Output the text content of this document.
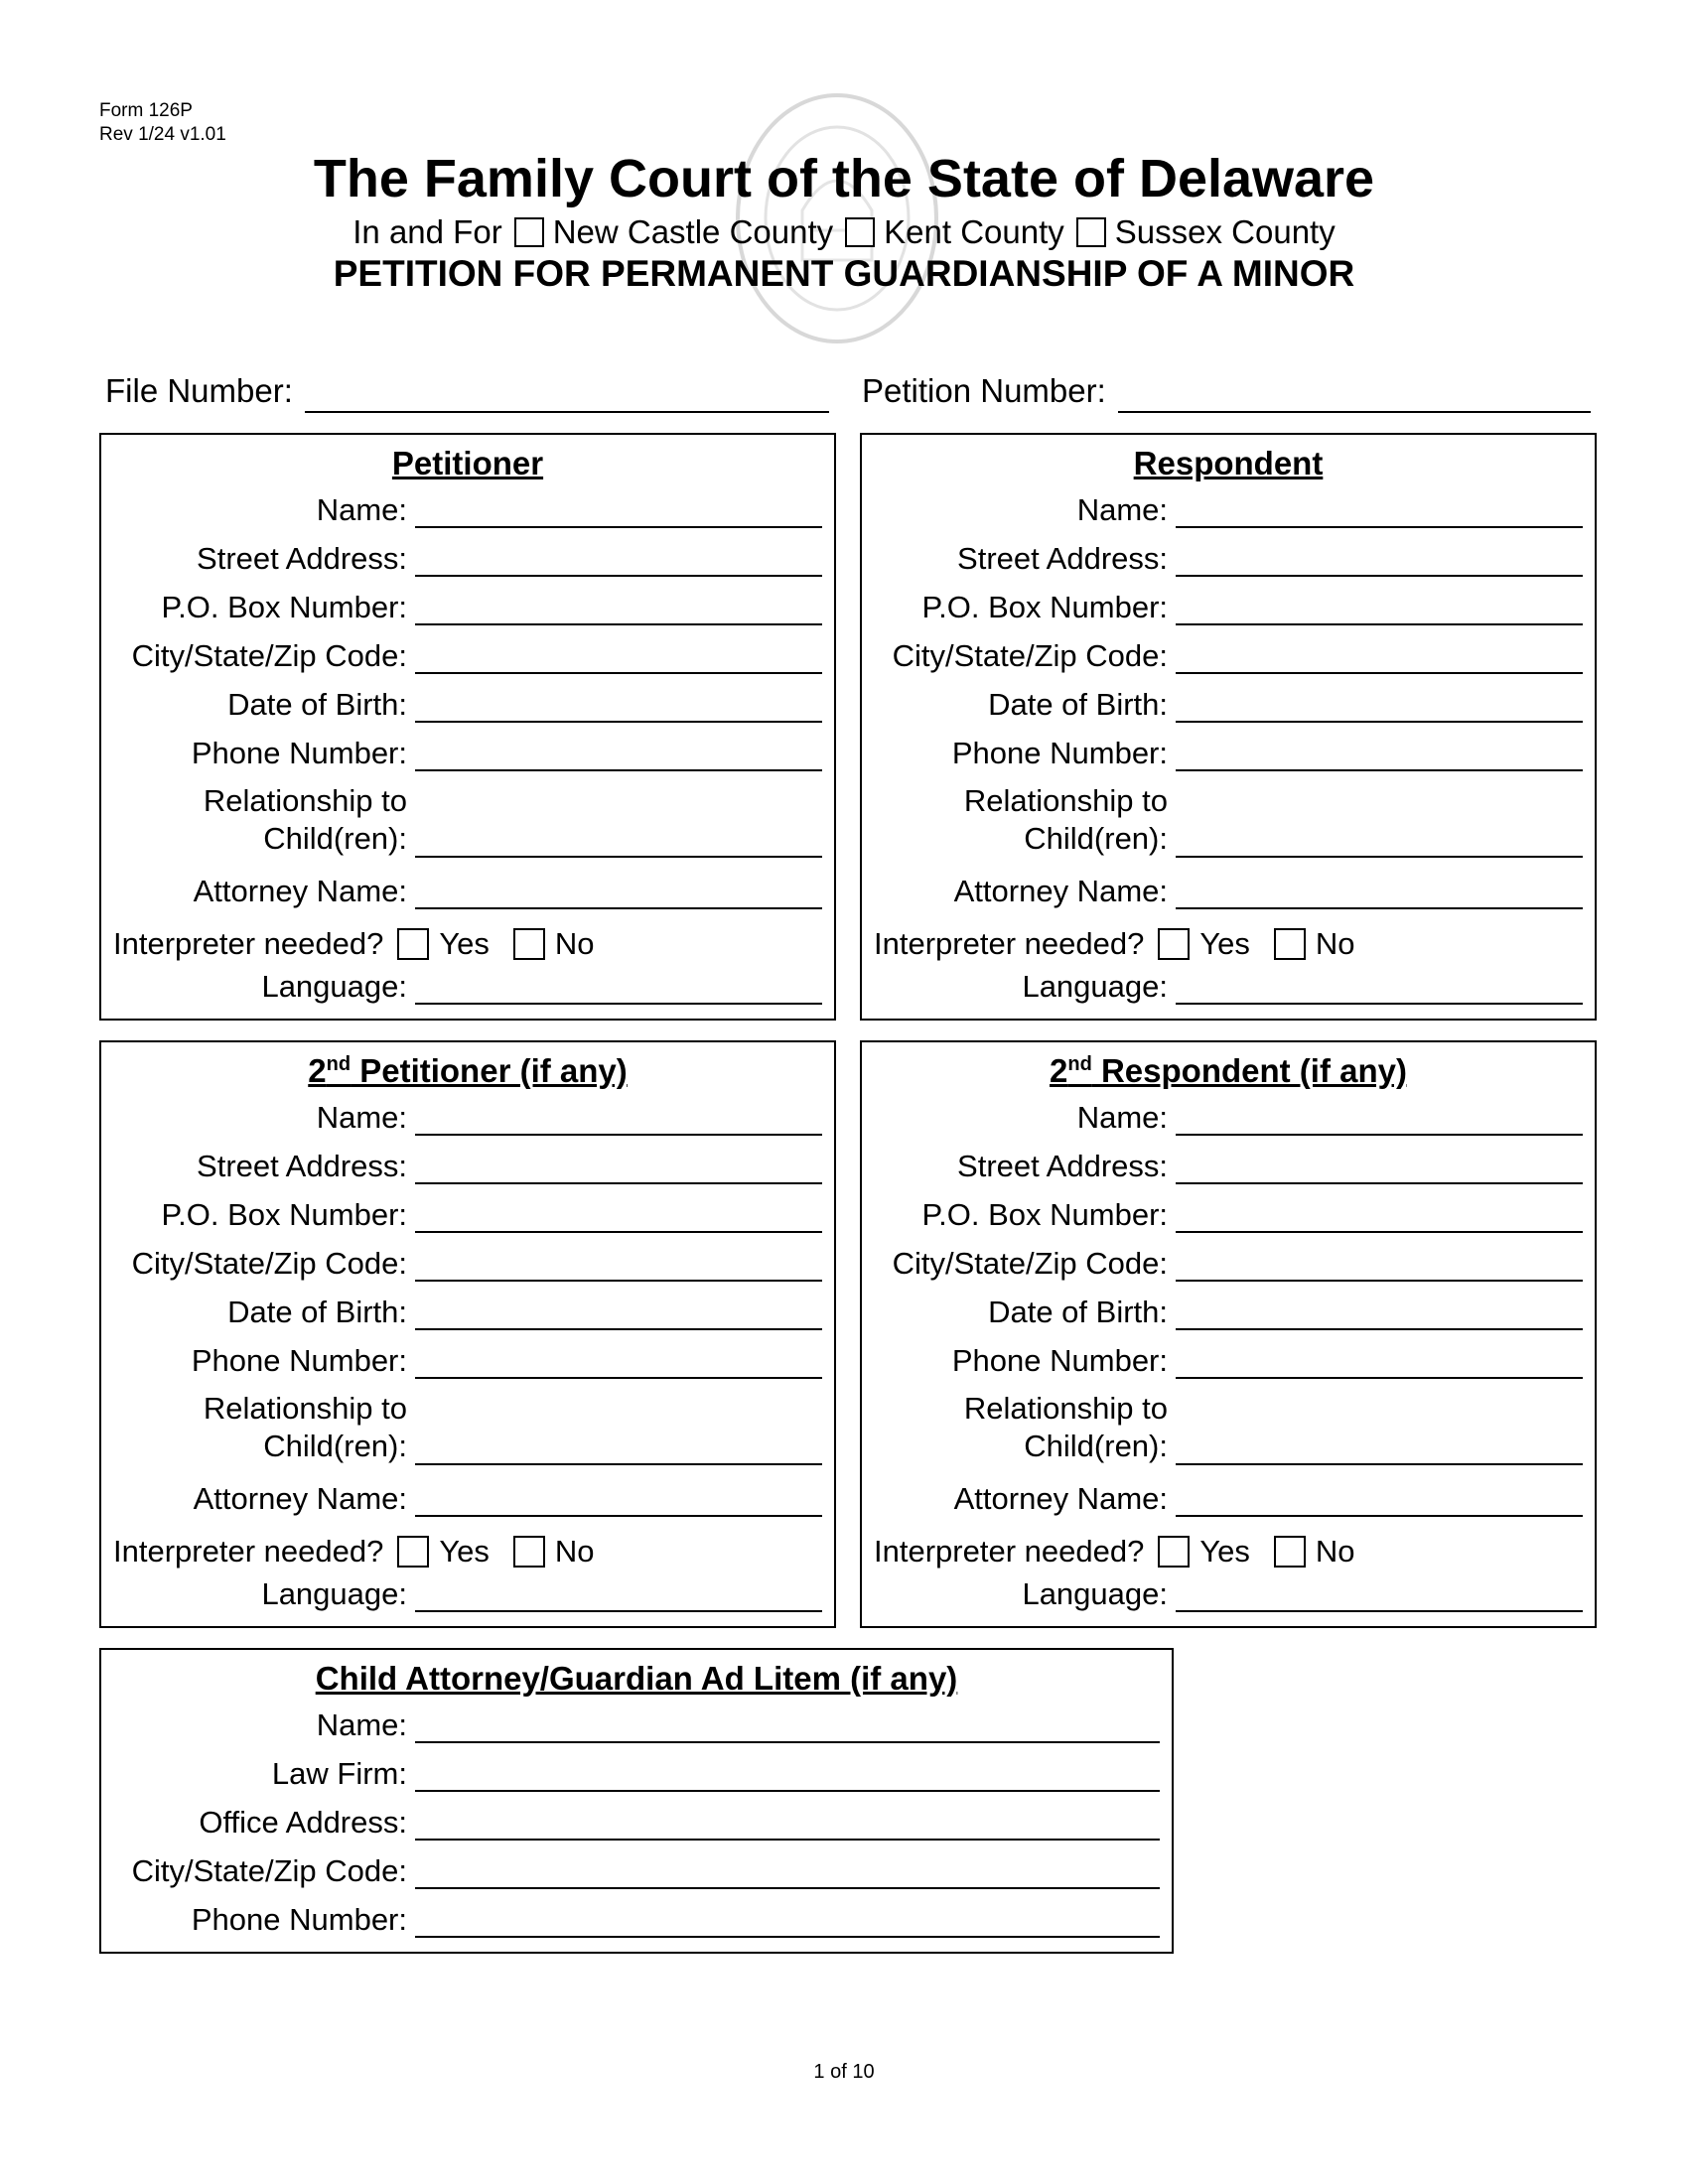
Form 126P
Rev 1/24 v1.01
The Family Court of the State of Delaware
In and For New Castle County Kent County Sussex County
PETITION FOR PERMANENT GUARDIANSHIP OF A MINOR
File Number:	Petition Number:
Petitioner
Name:
Street Address:
P.O. Box Number:
City/State/Zip Code:
Date of Birth:
Phone Number:
Relationship to
Child(ren):
Attorney Name:
Interpreter needed? Yes No
Language:
Respondent
Name:
Street Address:
P.O. Box Number:
City/State/Zip Code:
Date of Birth:
Phone Number:
Relationship to
Child(ren):
Attorney Name:
Interpreter needed? Yes No
Language:
2nd Petitioner (if any)
Name:
Street Address:
P.O. Box Number:
City/State/Zip Code:
Date of Birth:
Phone Number:
Relationship to
Child(ren):
Attorney Name:
Interpreter needed? Yes No
Language:
2nd Respondent (if any)
Name:
Street Address:
P.O. Box Number:
City/State/Zip Code:
Date of Birth:
Phone Number:
Relationship to
Child(ren):
Attorney Name:
Interpreter needed? Yes No
Language:
Child Attorney/Guardian Ad Litem (if any)
Name:
Law Firm:
Office Address:
City/State/Zip Code:
Phone Number:
1 of 10
